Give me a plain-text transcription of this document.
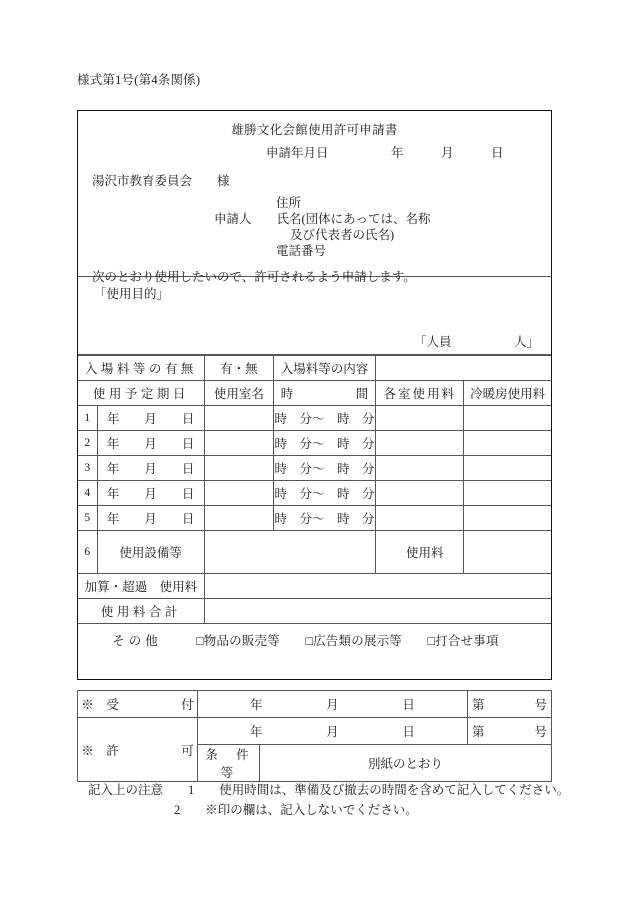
様式第1号(第4条関係)
雄勝文化会館使用許可申請書
申請年月日　　　　　年　　　月　　　日
湯沢市教育委員会　　様
住所
申請人　　氏名(団体にあっては、名称
及び代表者の氏名)
電話番号
次のとおり使用したいので、許可されるよう申請します。
「使用目的」
「人員　　　　　人」
入場料等の有無		有・無	入場料等の内容		
使用予定期日		使用室名	時　　　　　間	各室使用料	冷暖房使用料
1	年　　月　　日		時　分〜　時　分		
2	年　　月　　日		時　分〜　時　分		
3	年　　月　　日		時　分〜　時　分		
4	年　　月　　日		時　分〜　時　分		
5	年　　月　　日		時　分〜　時　分		
6	使用設備等			使用料	
加算・超過　使用料					
使用料合計					

その他 □物品の販売等　　□広告類の展示等　　□打合せ事項					
※　受　　　　　付	年　　　　　月　　　　　日		第　　　　号
※　許　　　　　可	年　　　　　月　　　　　日		第　　　　号
	条　件　等	別紙のとおり	
記入上の注意　　1　　使用時間は、準備及び撤去の時間を含めて記入してください。
2　　※印の欄は、記入しないでください。
